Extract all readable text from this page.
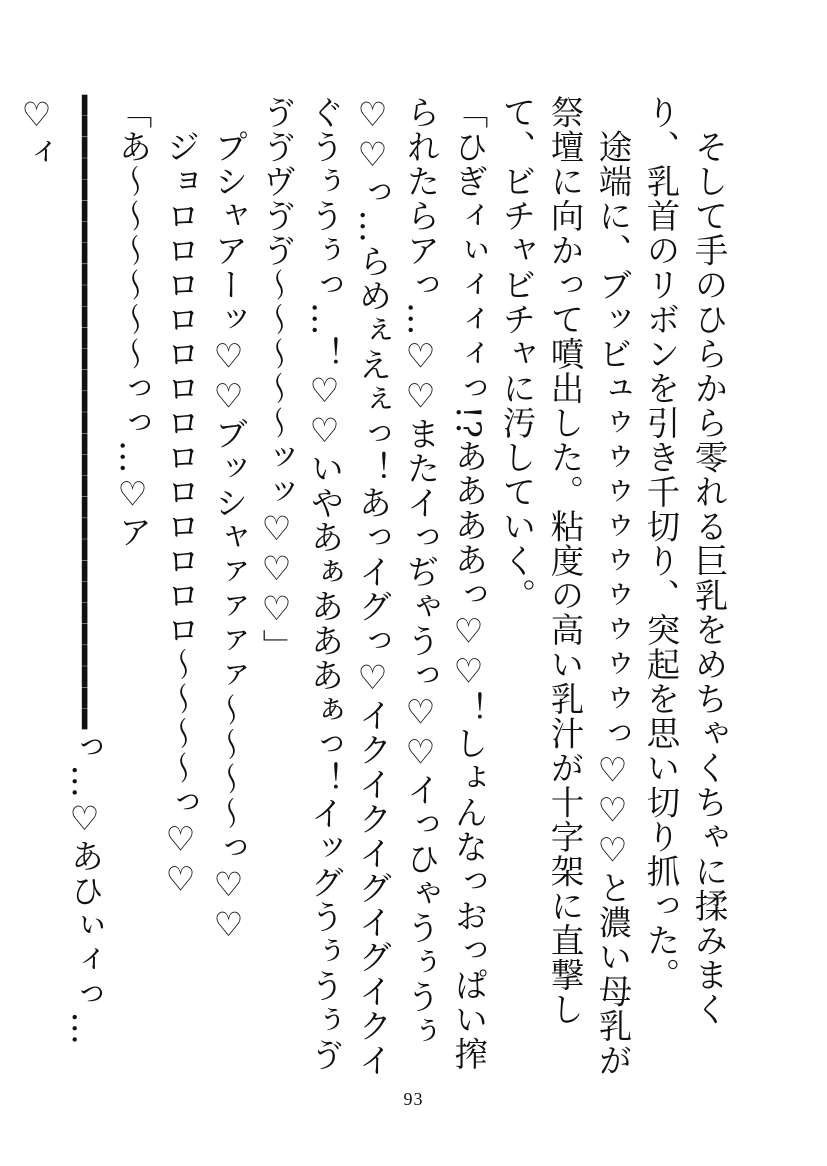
　そして手のひらから零れる巨乳をめちゃくちゃに揉みまくり、乳首のリボンを引き千切り、突起を思い切り抓った。

　途端に、ブッビュゥゥゥゥゥゥゥゥゥっ♡♡♡と濃い母乳が祭壇に向かって噴出した。粘度の高い乳汁が十字架に直撃して、ビチャビチャに汚していく。

「ひぎィぃィィィっ!?ああああっ♡♡！しょんなっおっぱい搾られたらアっ…♡♡またイっぢゃうっ♡♡イっひゃうぅうぅ♡♡っ…らめぇえぇっ！あっイグっ♡イクイクイグイグイクイぐうぅうぅっ…！♡♡いやあぁあああぁっ！イッグうぅうぅゔゔゔヴゔゔ〜〜〜〜〜ッッ♡♡♡」

　プシャアーッ♡♡ブッシャァァァァ〜〜〜〜っ♡♡

　ジョロロロロロロロロロロロロロ〜〜〜〜っ♡♡

「あ〜〜〜〜〜〜っっ…♡ア━━━━━━━━━━━━━━━━━━━━━━━━━━━━━━っ…♡あひぃィっ…♡ィ

93
